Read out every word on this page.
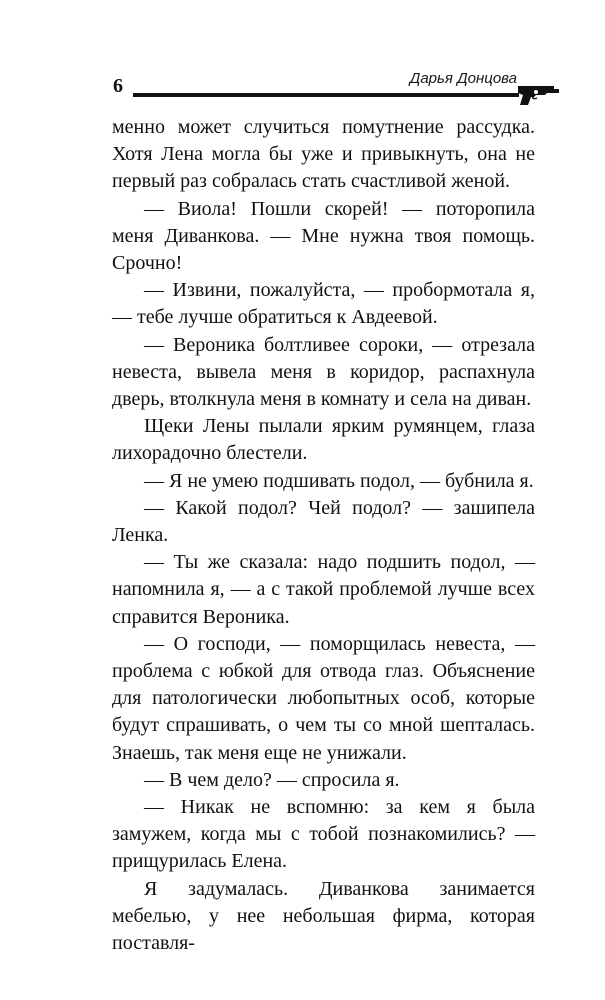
6	Дарья Донцова

менно может случиться помутнение рассудка. Хотя Лена могла бы уже и привыкнуть, она не первый раз собралась стать счастливой женой.

— Виола! Пошли скорей! — поторопила меня Диванкова. — Мне нужна твоя помощь. Срочно!

— Извини, пожалуйста, — пробормотала я, — тебе лучше обратиться к Авдеевой.

— Вероника болтливее сороки, — отрезала невеста, вывела меня в коридор, распахнула дверь, втолкнула меня в комнату и села на диван.

Щеки Лены пылали ярким румянцем, глаза лихорадочно блестели.

— Я не умею подшивать подол, — бубнила я.

— Какой подол? Чей подол? — зашипела Ленка.

— Ты же сказала: надо подшить подол, — напомнила я, — а с такой проблемой лучше всех справится Вероника.

— О господи, — поморщилась невеста, — проблема с юбкой для отвода глаз. Объяснение для патологически любопытных особ, которые будут спрашивать, о чем ты со мной шепталась. Знаешь, так меня еще не унижали.

— В чем дело? — спросила я.

— Никак не вспомню: за кем я была замужем, когда мы с тобой познакомились? — прищурилась Елена.

Я задумалась. Диванкова занимается мебелью, у нее небольшая фирма, которая поставля-
